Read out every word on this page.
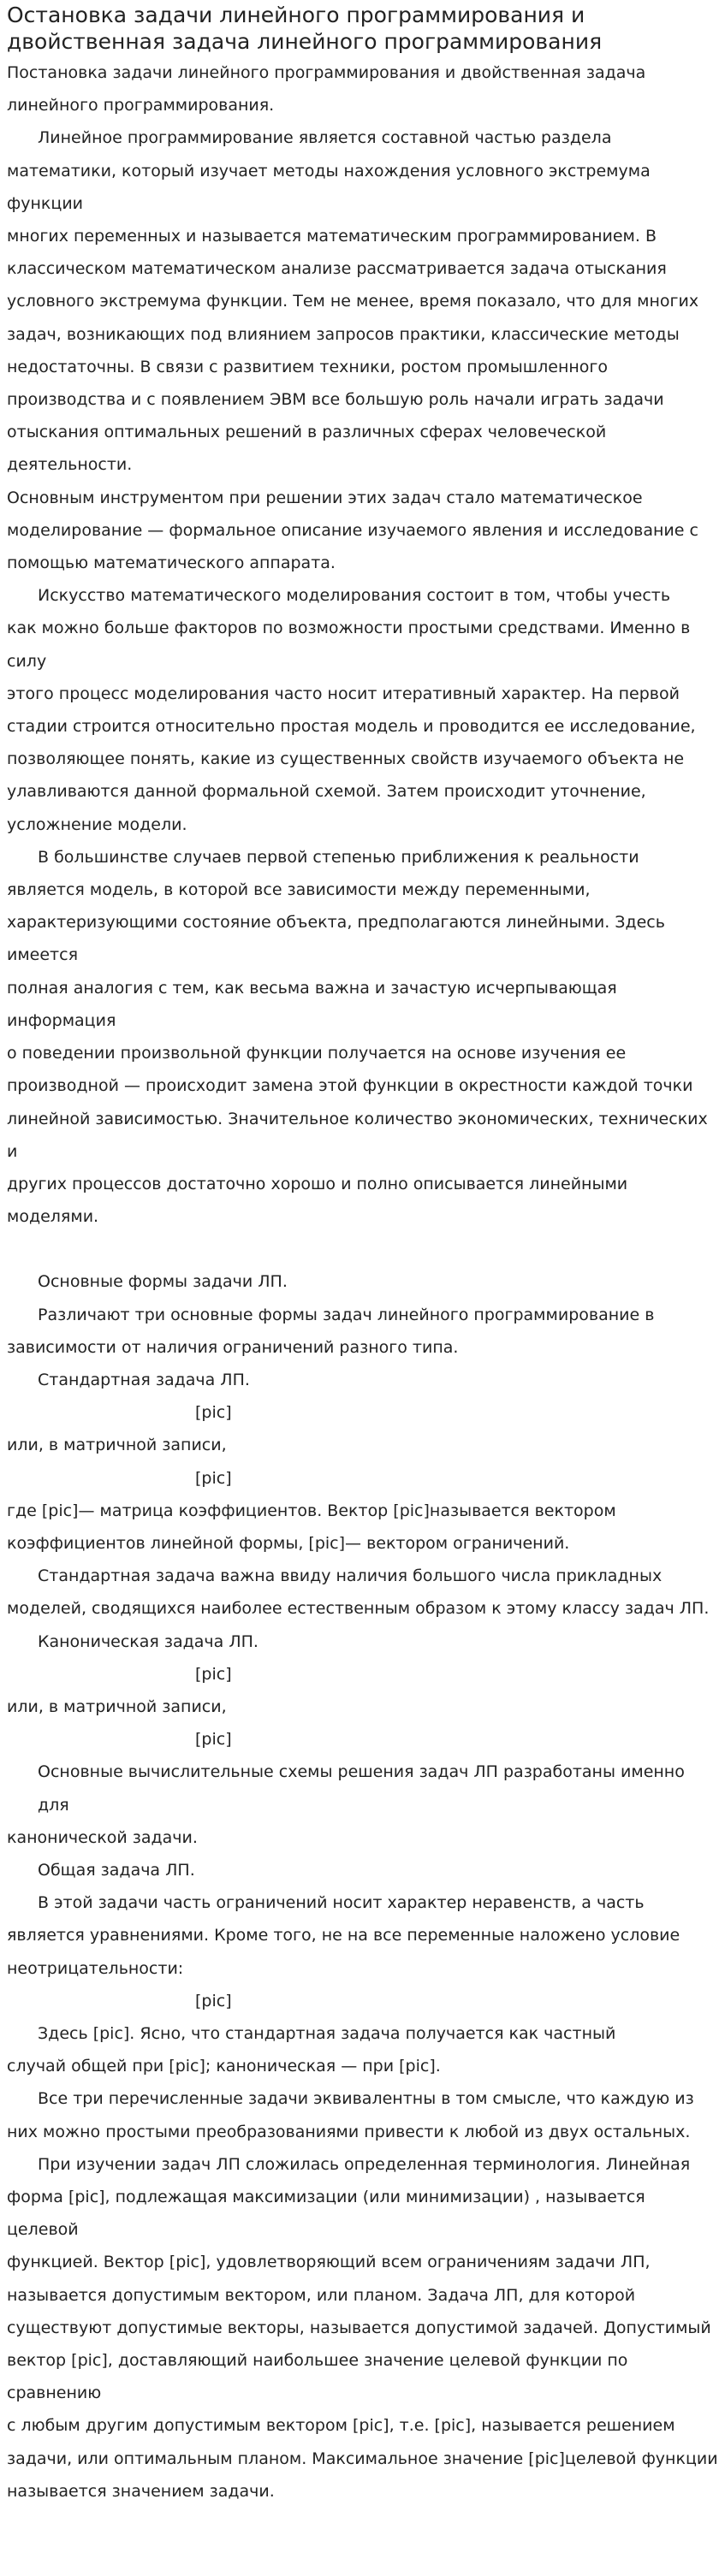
Остановка задачи линейного программирования и двойственная задача линейного программирования
Постановка задачи линейного программирования и двойственная задача
линейного программирования.
Линейное программирование является составной частью раздела
математики, который изучает методы нахождения условного экстремума функции
многих переменных и называется математическим программированием. В
классическом математическом анализе рассматривается задача отыскания
условного экстремума функции. Тем не менее, время показало, что для многих
задач, возникающих под влиянием запросов практики, классические методы
недостаточны. В связи с развитием техники, ростом промышленного
производства и с появлением ЭВМ все большую роль начали играть задачи
отыскания оптимальных решений в различных сферах человеческой деятельности.
Основным инструментом при решении этих задач стало математическое
моделирование — формальное описание изучаемого явления и исследование с
помощью математического аппарата.
Искусство математического моделирования состоит в том, чтобы учесть
как можно больше факторов по возможности простыми средствами. Именно в силу
этого процесс моделирования часто носит итеративный характер. На первой
стадии строится относительно простая модель и проводится ее исследование,
позволяющее понять, какие из существенных свойств изучаемого объекта не
улавливаются данной формальной схемой. Затем происходит уточнение,
усложнение модели.
В большинстве случаев первой степенью приближения к реальности
является модель, в которой все зависимости между переменными,
характеризующими состояние объекта, предполагаются линейными. Здесь имеется
полная аналогия с тем, как весьма важна и зачастую исчерпывающая информация
о поведении произвольной функции получается на основе изучения ее
производной — происходит замена этой функции в окрестности каждой точки
линейной зависимостью. Значительное количество экономических, технических и
других процессов достаточно хорошо и полно описывается линейными моделями.
Основные формы задачи ЛП.
Различают три основные формы задач линейного программирование в
зависимости от наличия ограничений разного типа.
Стандартная задача ЛП.
[pic]
или, в матричной записи,
[pic]
где [pic]— матрица коэффициентов. Вектор [pic]называется вектором
коэффициентов линейной формы, [pic]— вектором ограничений.
Стандартная задача важна ввиду наличия большого числа прикладных
моделей, сводящихся наиболее естественным образом к этому классу задач ЛП.
Каноническая задача ЛП.
[pic]
или, в матричной записи,
[pic]
Основные вычислительные схемы решения задач ЛП разработаны именно для
канонической задачи.
Общая задача ЛП.
В этой задачи часть ограничений носит характер неравенств, а часть
является уравнениями. Кроме того, не на все переменные наложено условие
неотрицательности:
[pic]
Здесь [pic]. Ясно, что стандартная задача получается как частный
случай общей при [pic]; каноническая — при [pic].
Все три перечисленные задачи эквивалентны в том смысле, что каждую из
них можно простыми преобразованиями привести к любой из двух остальных.
При изучении задач ЛП сложилась определенная терминология. Линейная
форма [pic], подлежащая максимизации (или минимизации) , называется целевой
функцией. Вектор [pic], удовлетворяющий всем ограничениям задачи ЛП,
называется допустимым вектором, или планом. Задача ЛП, для которой
существуют допустимые векторы, называется допустимой задачей. Допустимый
вектор [pic], доставляющий наибольшее значение целевой функции по сравнению
с любым другим допустимым вектором [pic], т.е. [pic], называется решением
задачи, или оптимальным планом. Максимальное значение [pic]целевой функции
называется значением задачи.
